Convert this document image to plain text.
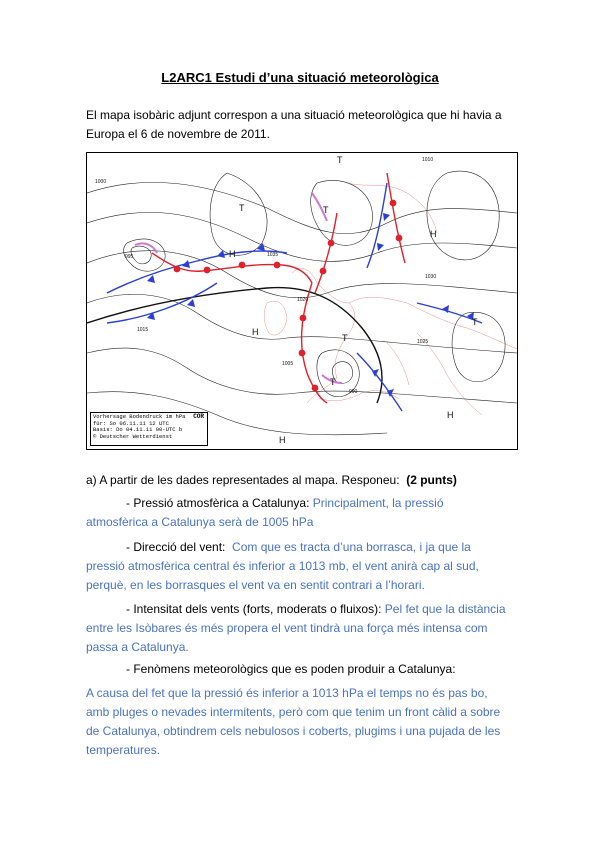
L2ARC1 Estudi d’una situació meteorològica
El mapa isobàric adjunt correspon a una situació meteorològica que hi havia a Europa el 6 de novembre de 2011.
T
T
T
T
T
T
H
H
H
H
H
1000
1005
1010
1015
1020
1025
1030
1035
995
990
Vorhersage Bodendruck im hPa
für: So 06.11.11 12 UTC
Basis: Do 04.11.11 00-UTC b
© Deutscher Wetterdienst
COR
a) A partir de les dades representades al mapa. Responeu: (2 punts)
- Pressió atmosfèrica a Catalunya: Principalment, la pressió atmosfèrica a Catalunya serà de 1005 hPa
- Direcció del vent: Com que es tracta d’una borrasca, i ja que la pressió atmosfèrica central és inferior a 1013 mb, el vent anirà cap al sud, perquè, en les borrasques el vent va en sentit contrari a l’horari.
- Intensitat dels vents (forts, moderats o fluixos): Pel fet que la distància entre les Isòbares és més propera el vent tindrà una força més intensa com passa a Catalunya.
- Fenòmens meteorològics que es poden produir a Catalunya:
A causa del fet que la pressió és inferior a 1013 hPa el temps no és pas bo, amb pluges o nevades intermitents, però com que tenim un front càlid a sobre de Catalunya, obtindrem cels nebulosos i coberts, plugims i una pujada de les temperatures.
